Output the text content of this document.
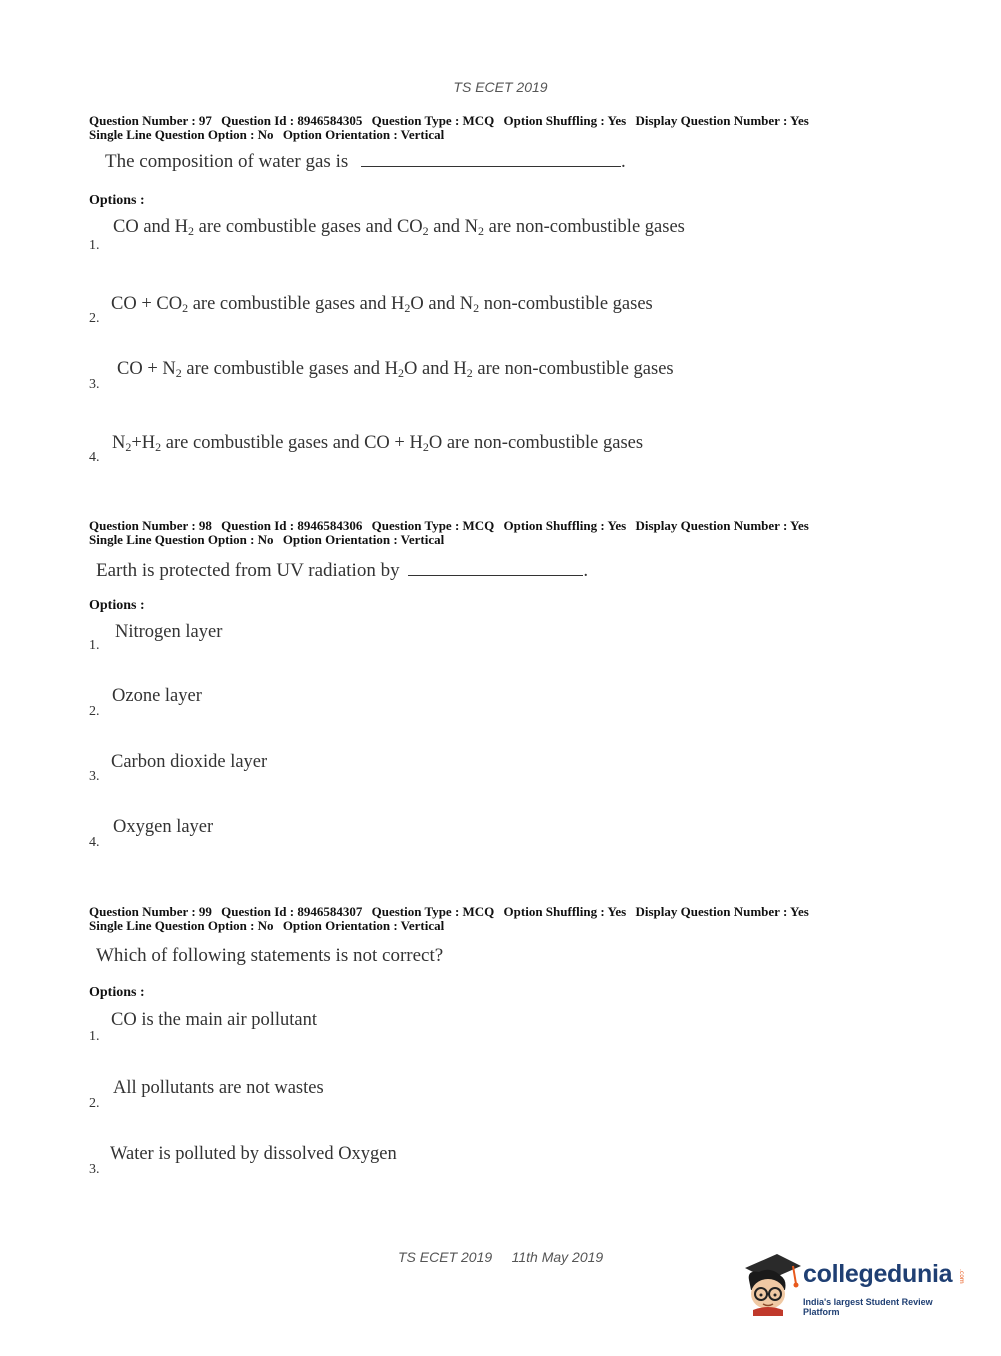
TS ECET 2019
Question Number : 97 Question Id : 8946584305 Question Type : MCQ Option Shuffling : Yes Display Question Number : Yes
Single Line Question Option : No Option Orientation : Vertical
The composition of water gas is	.
Options :
1.
CO and $H_2$ are combustible gases and $CO_2$ and $N_2$ are non-combustible gases
2.
CO + $CO_2$ are combustible gases and $H_2O$ and $N_2$ non-combustible gases
3.
CO + $N_2$ are combustible gases and $H_2O$ and $H_2$ are non-combustible gases
4.
$N_2+H_2$ are combustible gases and CO + $H_2O$ are non-combustible gases
Question Number : 98 Question Id : 8946584306 Question Type : MCQ Option Shuffling : Yes Display Question Number : Yes
Single Line Question Option : No Option Orientation : Vertical
Earth is protected from UV radiation by	.
Options :
1.
Nitrogen layer
2.
Ozone layer
3.
Carbon dioxide layer
4.
Oxygen layer
Question Number : 99 Question Id : 8946584307 Question Type : MCQ Option Shuffling : Yes Display Question Number : Yes
Single Line Question Option : No Option Orientation : Vertical
Which of following statements is not correct?
Options :
1.
CO is the main air pollutant
2.
All pollutants are not wastes
3.
Water is polluted by dissolved Oxygen
TS ECET 2019 11th May 2019
collegedunia .com
India's largest Student Review Platform
